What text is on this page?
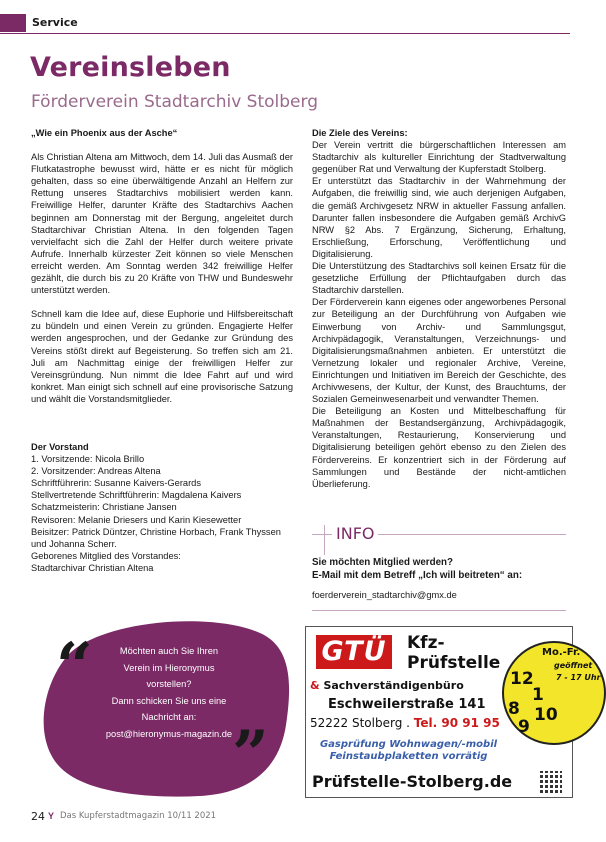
Service
Vereinsleben
Förderverein Stadtarchiv Stolberg

„Wie ein Phoenix aus der Asche“

Als Christian Altena am Mittwoch, dem 14. Juli das Ausmaß der Flutkatastrophe bewusst wird, hätte er es nicht für möglich gehalten, dass so eine überwältigende Anzahl an Helfern zur Rettung unseres Stadtarchivs mobilisiert werden kann. Freiwillige Helfer, darunter Kräfte des Stadtarchivs Aachen beginnen am Donnerstag mit der Bergung, angeleitet durch Stadtarchivar Christian Altena. In den folgenden Tagen vervielfacht sich die Zahl der Helfer durch weitere private Aufrufe. Innerhalb kürzester Zeit können so viele Menschen erreicht werden. Am Sonntag werden 342 freiwillige Helfer gezählt, die durch bis zu 20 Kräfte von THW und Bundeswehr unterstützt werden.

Schnell kam die Idee auf, diese Euphorie und Hilfsbereitschaft zu bündeln und einen Verein zu gründen. Engagierte Helfer werden angesprochen, und der Gedanke zur Gründung des Vereins stößt direkt auf Begeisterung. So treffen sich am 21. Juli am Nachmittag einige der freiwilligen Helfer zur Vereinsgründung. Nun nimmt die Idee Fahrt auf und wird konkret. Man einigt sich schnell auf eine provisorische Satzung und wählt die Vorstandsmitglieder.

Der Vorstand

1. Vorsitzende: Nicola Brillo

2. Vorsitzender: Andreas Altena

Schriftführerin: Susanne Kaivers-Gerards

Stellvertretende Schriftführerin: Magdalena Kaivers

Schatzmeisterin: Christiane Jansen

Revisoren: Melanie Driesers und Karin Kiesewetter

Beisitzer: Patrick Düntzer, Christine Horbach, Frank Thyssen und Johanna Scherr.

Geborenes Mitglied des Vorstandes:

Stadtarchivar Christian Altena

Die Ziele des Vereins:

Der Verein vertritt die bürgerschaftlichen Interessen am Stadtarchiv als kultureller Einrichtung der Stadtverwaltung gegenüber Rat und Verwaltung der Kupferstadt Stolberg.

Er unterstützt das Stadtarchiv in der Wahrnehmung der Aufgaben, die freiwillig sind, wie auch derjenigen Aufgaben, die gemäß Archivgesetz NRW in aktueller Fassung anfallen. Darunter fallen insbesondere die Aufgaben gemäß ArchivG NRW §2 Abs. 7 Ergänzung, Sicherung, Erhaltung, Erschließung, Erforschung, Veröffentlichung und Digitalisierung.

Die Unterstützung des Stadtarchivs soll keinen Ersatz für die gesetzliche Erfüllung der Pflichtaufgaben durch das Stadtarchiv darstellen.

Der Förderverein kann eigenes oder angeworbenes Personal zur Beteiligung an der Durchführung von Aufgaben wie Einwerbung von Archiv- und Sammlungsgut, Archivpädagogik, Veranstaltungen, Verzeichnungs- und Digitalisierungsmaßnahmen anbieten. Er unterstützt die Vernetzung lokaler und regionaler Archive, Vereine, Einrichtungen und Initiativen im Bereich der Geschichte, des Archivwesens, der Kultur, der Kunst, des Brauchtums, der Sozialen Gemeinwesenarbeit und verwandter Themen.

Die Beteiligung an Kosten und Mittelbeschaffung für Maßnahmen der Bestandsergänzung, Archivpädagogik, Veranstaltungen, Restaurierung, Konservierung und Digitalisierung beteiligen gehört ebenso zu den Zielen des Fördervereins. Er konzentriert sich in der Förderung auf Sammlungen und Bestände der nicht-amtlichen Überlieferung.

INFO
Sie möchten Mitglied werden?
E-Mail mit dem Betreff „Ich will beitreten“ an:
foerderverein_stadtarchiv@gmx.de
“	Möchten auch Sie Ihren
Verein im Hieronymus
vorstellen?
Dann schicken Sie uns eine
Nachricht an:
post@hieronymus-magazin.de ”
Mo.-Fr.
geöffnet
7 - 17 Uhr
12
1
10
9
8
GTÜ	Kfz-
Prüfstelle
& Sachverständigenbüro
Eschweilerstraße 141
52222 Stolberg . Tel. 90 91 95
Gasprüfung Wohnwagen/-mobil
Feinstaubplaketten vorrätig
Prüfstelle-Stolberg.de
24 Y Das Kupferstadtmagazin 10/11 2021
